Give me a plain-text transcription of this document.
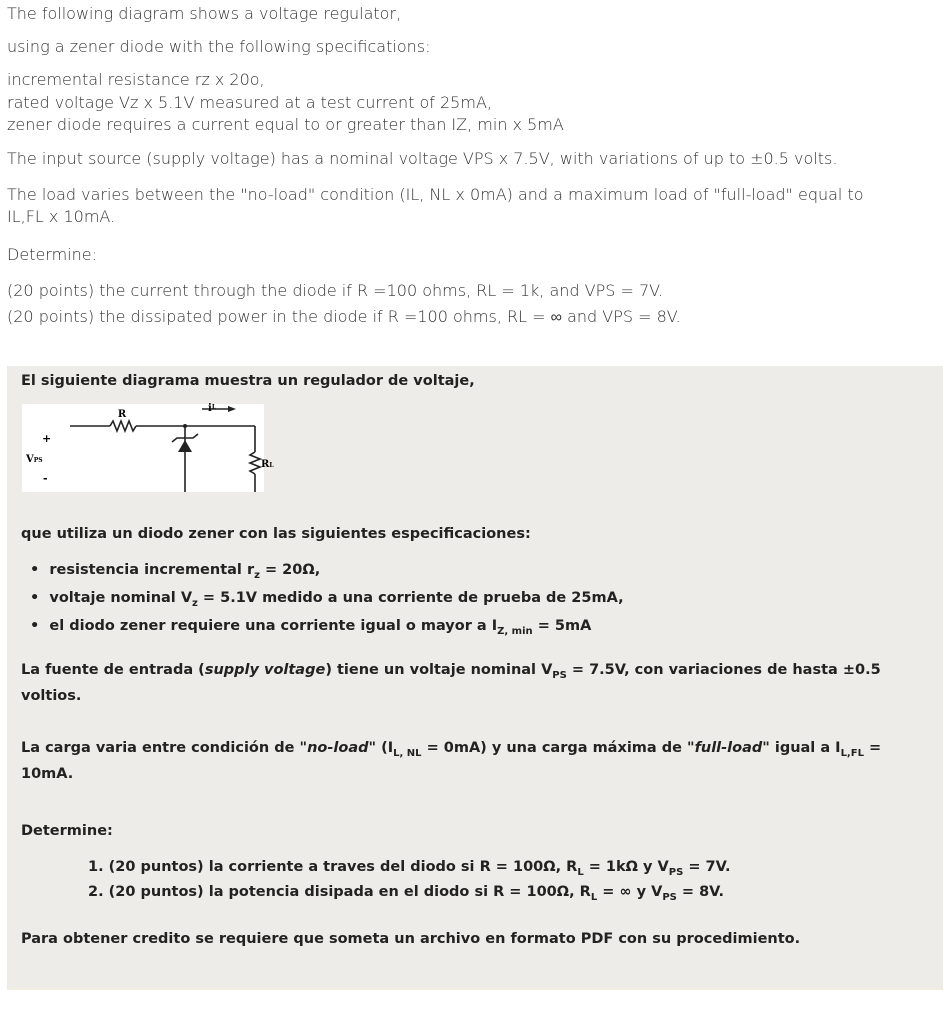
The following diagram shows a voltage regulator,
using a zener diode with the following specifications:
incremental resistance rz x 20o,
rated voltage Vz x 5.1V measured at a test current of 25mA,
zener diode requires a current equal to or greater than IZ, min x 5mA
The input source (supply voltage) has a nominal voltage VPS x 7.5V, with variations of up to ±0.5 volts.
The load varies between the "no-load" condition (IL, NL x 0mA) and a maximum load of "full-load" equal to
IL,FL x 10mA.
Determine:
(20 points) the current through the diode if R =100 ohms, RL = 1k, and VPS = 7V.
(20 points) the dissipated power in the diode if R =100 ohms, RL = ∞ and VPS = 8V.
El siguiente diagrama muestra un regulador de voltaje,
R
iL
+
VPS
-
RL
que utiliza un diodo zener con las siguientes especificaciones:
•  resistencia incremental $r_z = 20\Omega$,
•  voltaje nominal $V_z = 5.1V$ medido a una corriente de prueba de 25mA,
•  el diodo zener requiere una corriente igual o mayor a $I_{Z, min} = 5mA$
La fuente de entrada (supply voltage) tiene un voltaje nominal $V_{PS} = 7.5V$, con variaciones de hasta ±0.5
voltios.
La carga varia entre condición de "no-load" $(I_{L, NL} = 0mA)$ y una carga máxima de "full-load" igual a $I_{L,FL}$ =
10mA.
Determine:
1. (20 puntos) la corriente a traves del diodo si R = 100Ω, $R_L = 1k\Omega$ y $V_{PS} = 7V$.
2. (20 puntos) la potencia disipada en el diodo si R = 100Ω, $R_L$ = ∞ y $V_{PS} = 8V$.
Para obtener credito se requiere que someta un archivo en formato PDF con su procedimiento.
